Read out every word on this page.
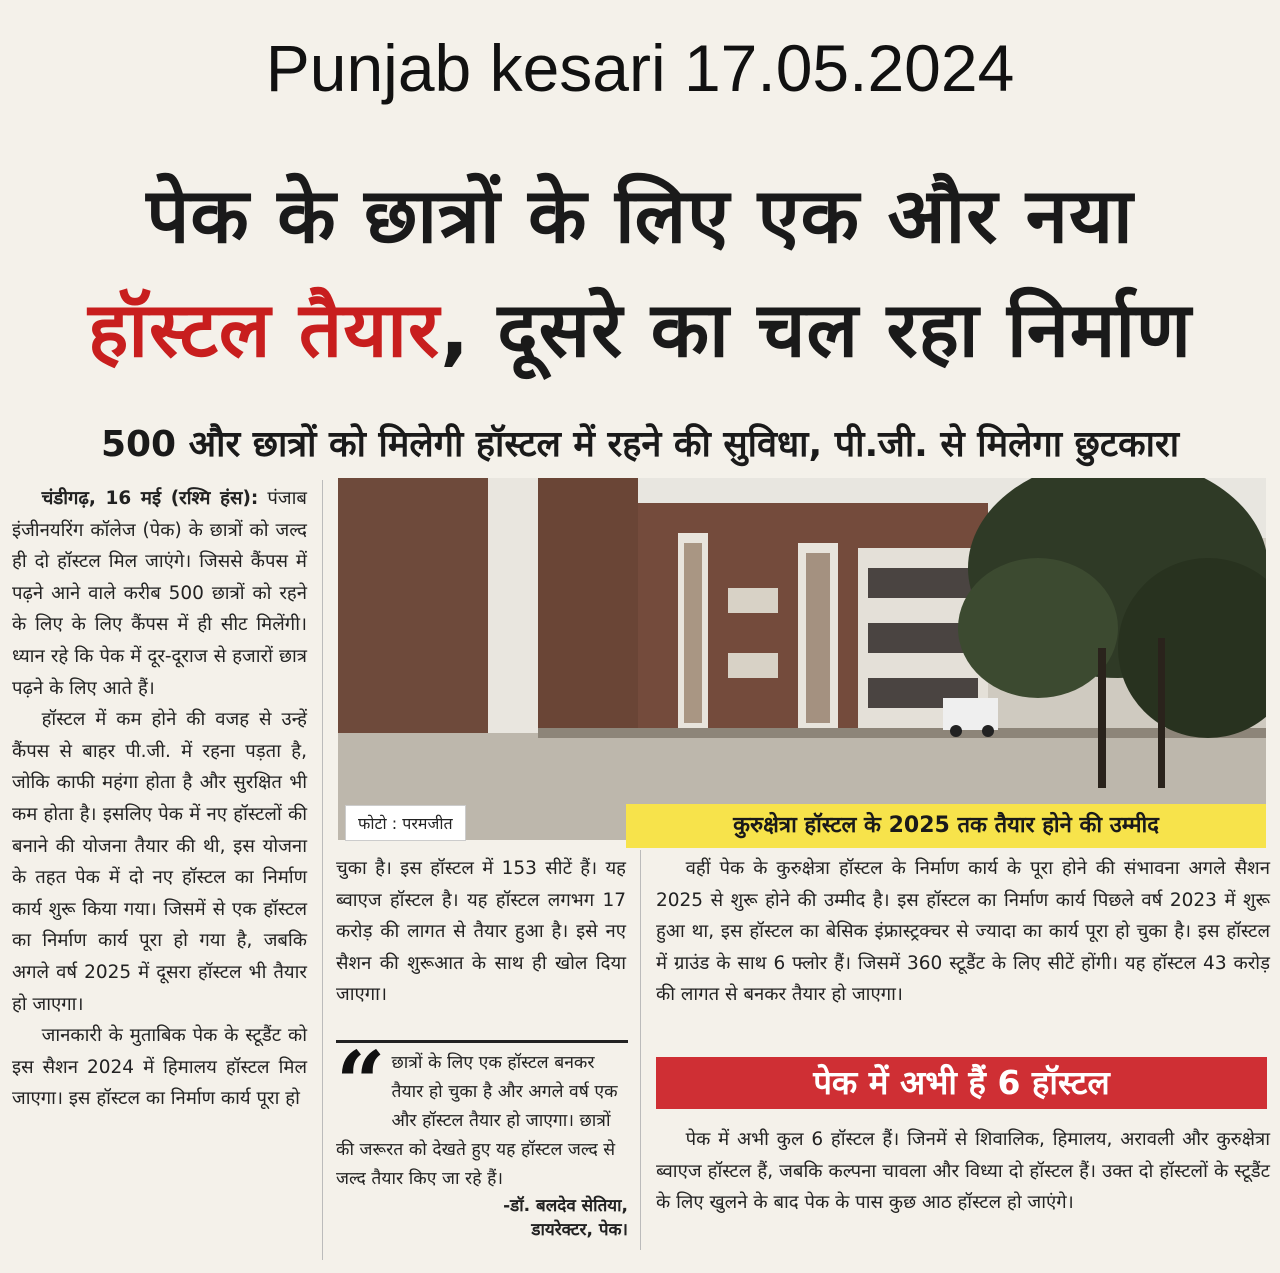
Punjab kesari 17.05.2024
पेक के छात्रों के लिए एक और नया
हॉस्टल तैयार, दूसरे का चल रहा निर्माण
500 और छात्रों को मिलेगी हॉस्टल में रहने की सुविधा, पी.जी. से मिलेगा छुटकारा

चंडीगढ़, 16 मई (रश्मि हंस): पंजाब इंजीनयरिंग कॉलेज (पेक) के छात्रों को जल्द ही दो हॉस्टल मिल जाएंगे। जिससे कैंपस में पढ़ने आने वाले करीब 500 छात्रों को रहने के लिए के लिए कैंपस में ही सीट मिलेंगी। ध्यान रहे कि पेक में दूर-दूराज से हजारों छात्र पढ़ने के लिए आते हैं।

हॉस्टल में कम होने की वजह से उन्हें कैंपस से बाहर पी.जी. में रहना पड़ता है, जोकि काफी महंगा होता है और सुरक्षित भी कम होता है। इसलिए पेक में नए हॉस्टलों की बनाने की योजना तैयार की थी, इस योजना के तहत पेक में दो नए हॉस्टल का निर्माण कार्य शुरू किया गया। जिसमें से एक हॉस्टल का निर्माण कार्य पूरा हो गया है, जबकि अगले वर्ष 2025 में दूसरा हॉस्टल भी तैयार हो जाएगा।

जानकारी के मुताबिक पेक के स्टूडैंट को इस सैशन 2024 में हिमालय हॉस्टल मिल जाएगा। इस हॉस्टल का निर्माण कार्य पूरा हो

फोटो : परमजीत	कुरुक्षेत्रा हॉस्टल के 2025 तक तैयार होने की उम्मीद

चुका है। इस हॉस्टल में 153 सीटें हैं। यह ब्वाएज हॉस्टल है। यह हॉस्टल लगभग 17 करोड़ की लागत से तैयार हुआ है। इसे नए सैशन की शुरूआत के साथ ही खोल दिया जाएगा।

“ छात्रों के लिए एक हॉस्टल बनकर तैयार हो चुका है और अगले वर्ष एक और हॉस्टल तैयार हो जाएगा। छात्रों की जरूरत को देखते हुए यह हॉस्टल जल्द से जल्द तैयार किए जा रहे हैं।
-डॉ. बलदेव सेतिया,
डायरेक्टर, पेक।

वहीं पेक के कुरुक्षेत्रा हॉस्टल के निर्माण कार्य के पूरा होने की संभावना अगले सैशन 2025 से शुरू होने की उम्मीद है। इस हॉस्टल का निर्माण कार्य पिछले वर्ष 2023 में शुरू हुआ था, इस हॉस्टल का बेसिक इंफ्रास्ट्रक्चर से ज्यादा का कार्य पूरा हो चुका है। इस हॉस्टल में ग्राउंड के साथ 6 फ्लोर हैं। जिसमें 360 स्टूडैंट के लिए सीटें होंगी। यह हॉस्टल 43 करोड़ की लागत से बनकर तैयार हो जाएगा।

पेक में अभी हैं 6 हॉस्टल

पेक में अभी कुल 6 हॉस्टल हैं। जिनमें से शिवालिक, हिमालय, अरावली और कुरुक्षेत्रा ब्वाएज हॉस्टल हैं, जबकि कल्पना चावला और विध्या दो हॉस्टल हैं। उक्त दो हॉस्टलों के स्टूडैंट के लिए खुलने के बाद पेक के पास कुछ आठ हॉस्टल हो जाएंगे।
